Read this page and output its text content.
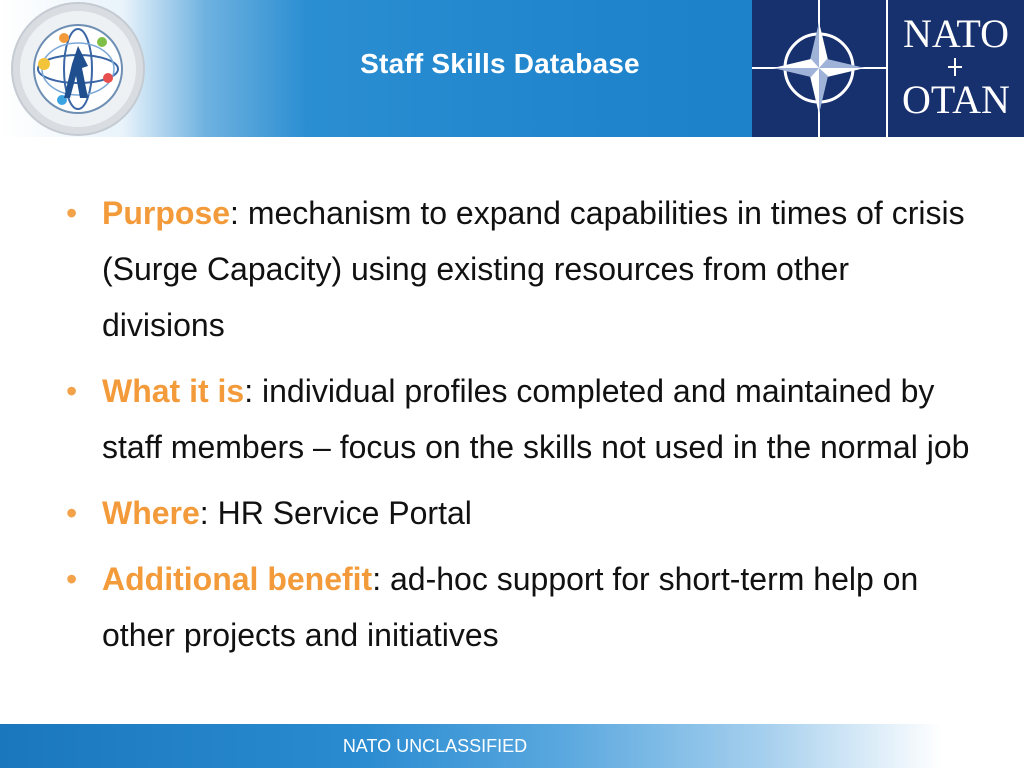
Staff Skills Database
NATO
OTAN
• Purpose: mechanism to expand capabilities in times of crisis (Surge Capacity) using existing resources from other divisions
• What it is: individual profiles completed and maintained by staff members – focus on the skills not used in the normal job
• Where: HR Service Portal
• Additional benefit: ad-hoc support for short-term help on other projects and initiatives
NATO UNCLASSIFIED
